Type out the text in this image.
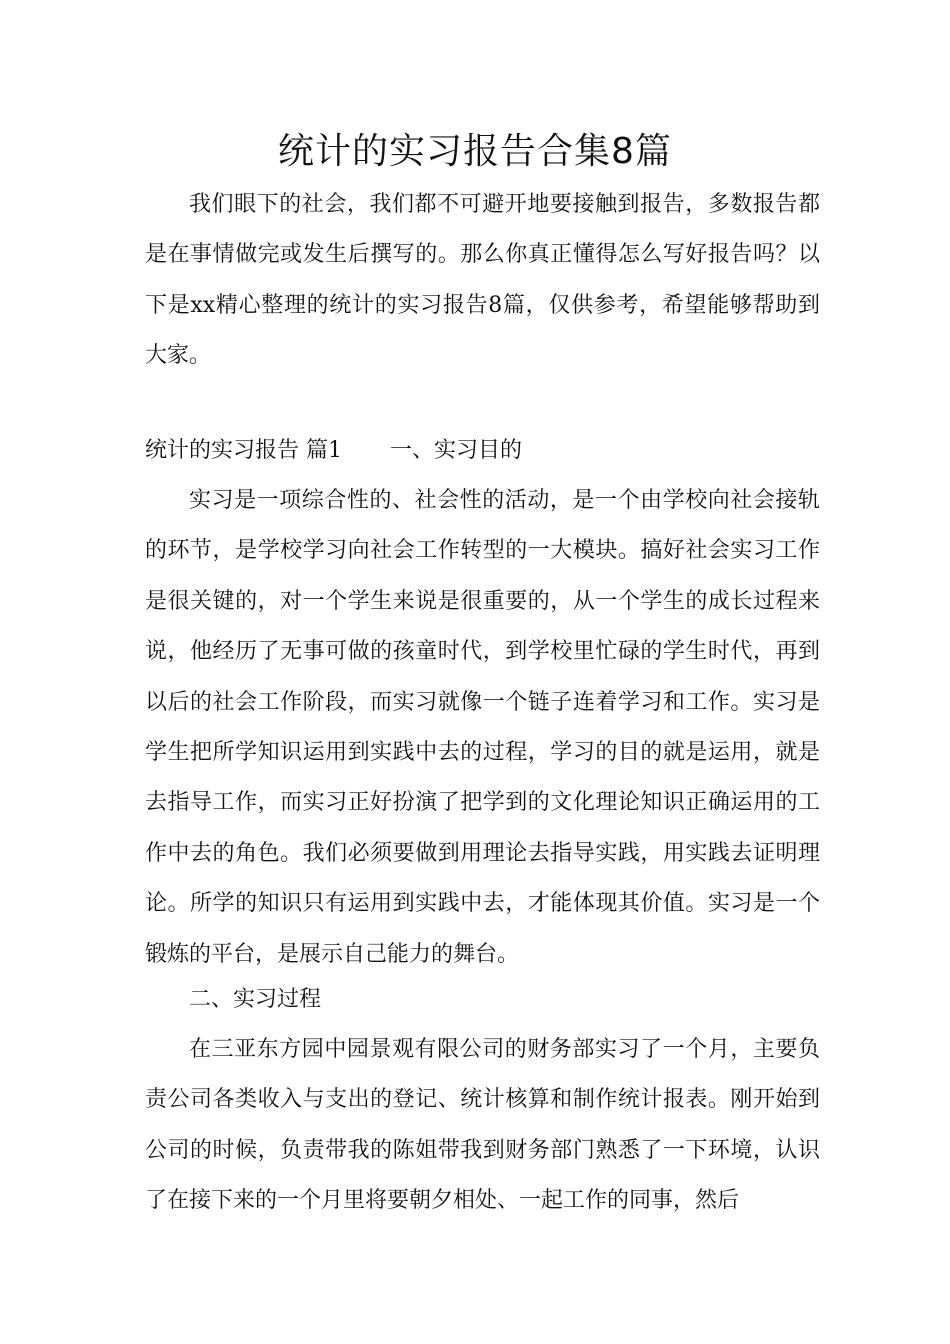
统计的实习报告合集8篇

我们眼下的社会，我们都不可避开地要接触到报告，多数报告都是在事情做完或发生后撰写的。那么你真正懂得怎么写好报告吗？以下是xx精心整理的统计的实习报告8篇，仅供参考，希望能够帮助到大家。

统计的实习报告 篇1 一、实习目的

实习是一项综合性的、社会性的活动，是一个由学校向社会接轨的环节，是学校学习向社会工作转型的一大模块。搞好社会实习工作是很关键的，对一个学生来说是很重要的，从一个学生的成长过程来说，他经历了无事可做的孩童时代，到学校里忙碌的学生时代，再到以后的社会工作阶段，而实习就像一个链子连着学习和工作。实习是学生把所学知识运用到实践中去的过程，学习的目的就是运用，就是去指导工作，而实习正好扮演了把学到的文化理论知识正确运用的工作中去的角色。我们必须要做到用理论去指导实践，用实践去证明理论。所学的知识只有运用到实践中去，才能体现其价值。实习是一个锻炼的平台，是展示自己能力的舞台。

二、实习过程

在三亚东方园中园景观有限公司的财务部实习了一个月，主要负责公司各类收入与支出的登记、统计核算和制作统计报表。刚开始到公司的时候，负责带我的陈姐带我到财务部门熟悉了一下环境，认识了在接下来的一个月里将要朝夕相处、一起工作的同事，然后
